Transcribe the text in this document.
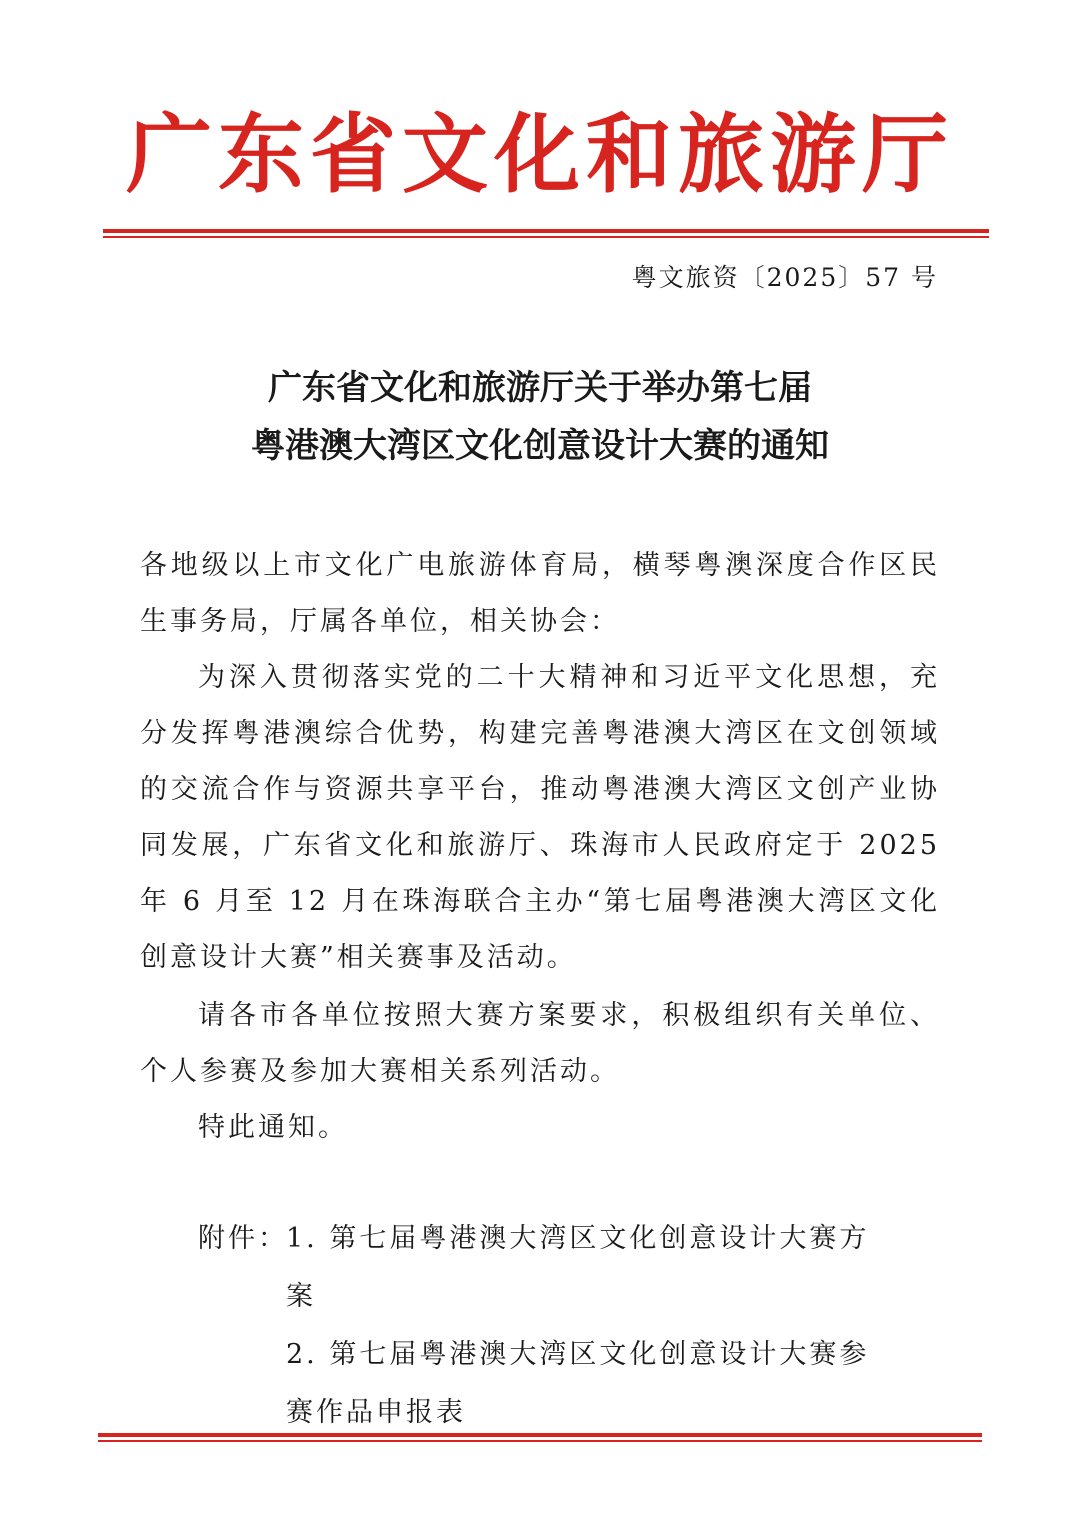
广东省文化和旅游厅
粤文旅资〔2025〕57 号
广东省文化和旅游厅关于举办第七届
粤港澳大湾区文化创意设计大赛的通知
各地级以上市文化广电旅游体育局，横琴粤澳深度合作区民生事务局，厅属各单位，相关协会：
为深入贯彻落实党的二十大精神和习近平文化思想，充分发挥粤港澳综合优势，构建完善粤港澳大湾区在文创领域的交流合作与资源共享平台，推动粤港澳大湾区文创产业协同发展，广东省文化和旅游厅、珠海市人民政府定于 2025 年 6 月至 12 月在珠海联合主办“第七届粤港澳大湾区文化创意设计大赛”相关赛事及活动。
请各市各单位按照大赛方案要求，积极组织有关单位、个人参赛及参加大赛相关系列活动。
特此通知。
附件：
1. 第七届粤港澳大湾区文化创意设计大赛方案
2. 第七届粤港澳大湾区文化创意设计大赛参赛作品申报表
